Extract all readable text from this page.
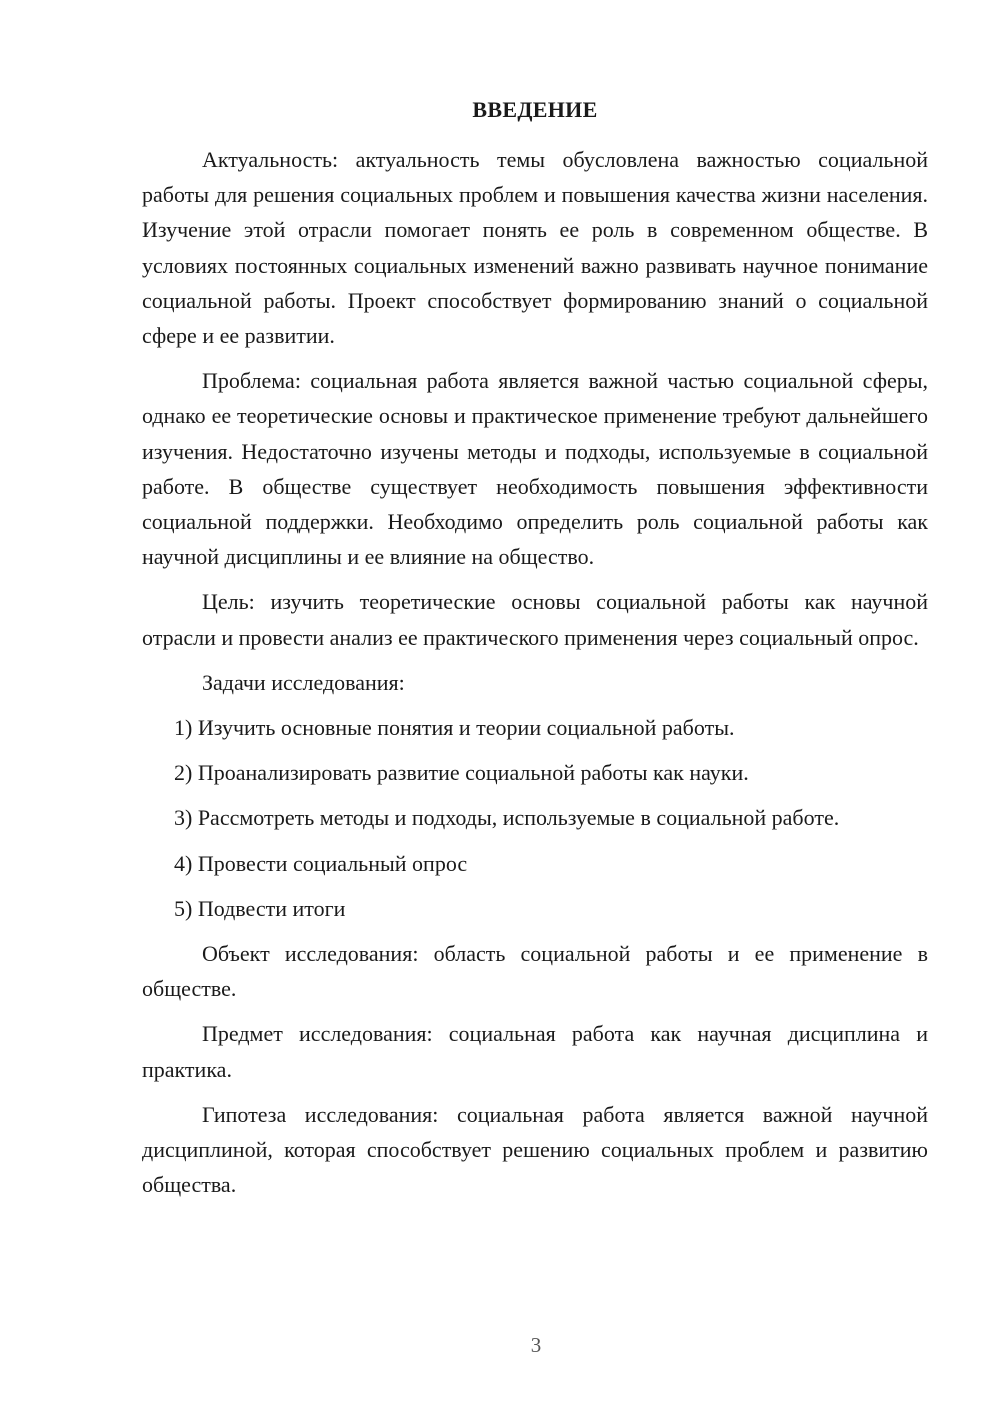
ВВЕДЕНИЕ

Актуальность: актуальность темы обусловлена важностью социальной работы для решения социальных проблем и повышения качества жизни населения. Изучение этой отрасли помогает понять ее роль в современном обществе. В условиях постоянных социальных изменений важно развивать научное понимание социальной работы. Проект способствует формированию знаний о социальной сфере и ее развитии.

Проблема: социальная работа является важной частью социальной сферы, однако ее теоретические основы и практическое применение требуют дальнейшего изучения. Недостаточно изучены методы и подходы, используемые в социальной работе. В обществе существует необходимость повышения эффективности социальной поддержки. Необходимо определить роль социальной работы как научной дисциплины и ее влияние на общество.

Цель: изучить теоретические основы социальной работы как научной отрасли и провести анализ ее практического применения через социальный опрос.

Задачи исследования:

1) Изучить основные понятия и теории социальной работы.
2) Проанализировать развитие социальной работы как науки.
3) Рассмотреть методы и подходы, используемые в социальной работе.
4) Провести социальный опрос
5) Подвести итоги

Объект исследования: область социальной работы и ее применение в обществе.

Предмет исследования: социальная работа как научная дисциплина и практика.

Гипотеза исследования: социальная работа является важной научной дисциплиной, которая способствует решению социальных проблем и развитию общества.

3
